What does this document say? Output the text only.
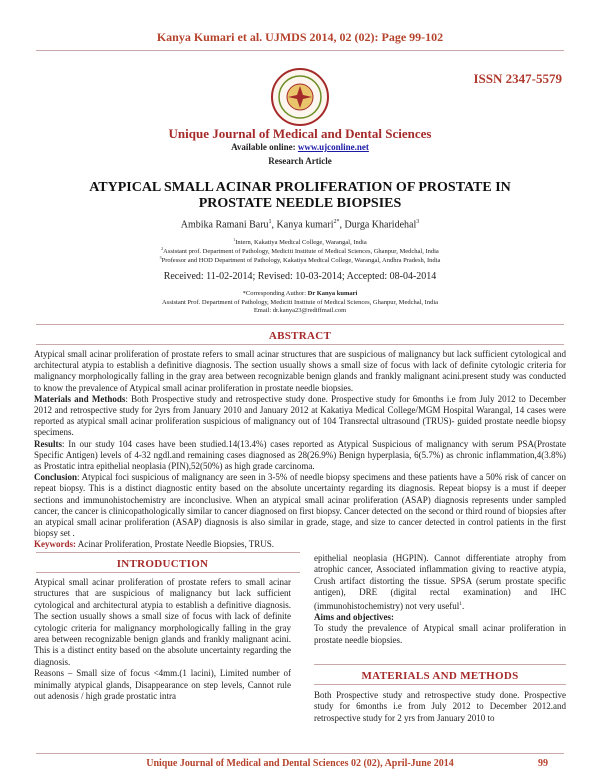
Kanya Kumari et al. UJMDS 2014, 02 (02): Page 99-102
ISSN 2347-5579
Unique Journal of Medical and Dental Sciences
Available online: www.ujconline.net
Research Article
ATYPICAL SMALL ACINAR PROLIFERATION OF PROSTATE IN
PROSTATE NEEDLE BIOPSIES
Ambika Ramani Baru$^1$, Kanya kumari$^{2*}$, Durga Kharidehal$^3$
$^1$Intern, Kakatiya Medical College, Warangal, India
$^2$Assistant prof. Department of Pathology, Mediciti Institute of Medical Sciences, Ghanpur, Medchal, India
$^3$Professor and HOD Department of Pathology, Kakatiya Medical College, Warangal, Andhra Pradesh, India
Received: 11-02-2014; Revised: 10-03-2014; Accepted: 08-04-2014
*Corresponding Author: Dr Kanya kumari
Assistant Prof. Department of Pathology, Mediciti Institute of Medical Sciences, Ghanpur, Medchal, India
Email: dr.kanya23@rediffmail.com
ABSTRACT

Atypical small acinar proliferation of prostate refers to small acinar structures that are suspicious of malignancy but lack sufficient cytological and architectural atypia to establish a definitive diagnosis. The section usually shows a small size of focus with lack of definite cytologic criteria for malignancy morphologically falling in the gray area between recognizable benign glands and frankly malignant acini.present study was conducted to know the prevalence of Atypical small acinar proliferation in prostate needle biopsies.

Materials and Methods: Both Prospective study and retrospective study done. Prospective study for 6months i.e from July 2012 to December 2012 and retrospective study for 2yrs from January 2010 and January 2012 at Kakatiya Medical College/MGM Hospital Warangal, 14 cases were reported as atypical small acinar proliferation suspicious of malignancy out of 104 Transrectal ultrasound (TRUS)- guided prostate needle biopsy specimens.

Results: In our study 104 cases have been studied.14(13.4%) cases reported as Atypical Suspicious of malignancy with serum PSA(Prostate Specific Antigen) levels of 4-32 ngdl.and remaining cases diagnosed as 28(26.9%) Benign hyperplasia, 6(5.7%) as chronic inflammation,4(3.8%) as Prostatic intra epithelial neoplasia (PIN),52(50%) as high grade carcinoma.

Conclusion: Atypical foci suspicious of malignancy are seen in 3-5% of needle biopsy specimens and these patients have a 50% risk of cancer on repeat biopsy. This is a distinct diagnostic entity based on the absolute uncertainty regarding its diagnosis. Repeat biopsy is a must if deeper sections and immunohistochemistry are inconclusive. When an atypical small acinar proliferation (ASAP) diagnosis represents under sampled cancer, the cancer is clinicopathologically similar to cancer diagnosed on first biopsy. Cancer detected on the second or third round of biopsies after an atypical small acinar proliferation (ASAP) diagnosis is also similar in grade, stage, and size to cancer detected in control patients in the first biopsy set .

Keywords: Acinar Proliferation, Prostate Needle Biopsies, TRUS.

INTRODUCTION

Atypical small acinar proliferation of prostate refers to small acinar structures that are suspicious of malignancy but lack sufficient cytological and architectural atypia to establish a definitive diagnosis. The section usually shows a small size of focus with lack of definite cytologic criteria for malignancy morphologically falling in the gray area between recognizable benign glands and frankly malignant acini. This is a distinct entity based on the absolute uncertainty regarding the diagnosis.

Reasons – Small size of focus <4mm.(1 lacini), Limited number of minimally atypical glands, Disappearance on step levels, Cannot rule out adenosis / high grade prostatic intra

epithelial neoplasia (HGPIN). Cannot differentiate atrophy from atrophic cancer, Associated inflammation giving to reactive atypia, Crush artifact distorting the tissue. SPSA (serum prostate specific antigen), DRE (digital rectal examination) and IHC (immunohistochemistry) not very useful$^1$.

Aims and objectives:

To study the prevalence of Atypical small acinar proliferation in prostate needle biopsies.

MATERIALS AND METHODS
Both Prospective study and retrospective study done. Prospective study for 6months i.e from July 2012 to December 2012.and retrospective study for 2 yrs from January 2010 to
Unique Journal of Medical and Dental Sciences 02 (02), April-June 2014	99
